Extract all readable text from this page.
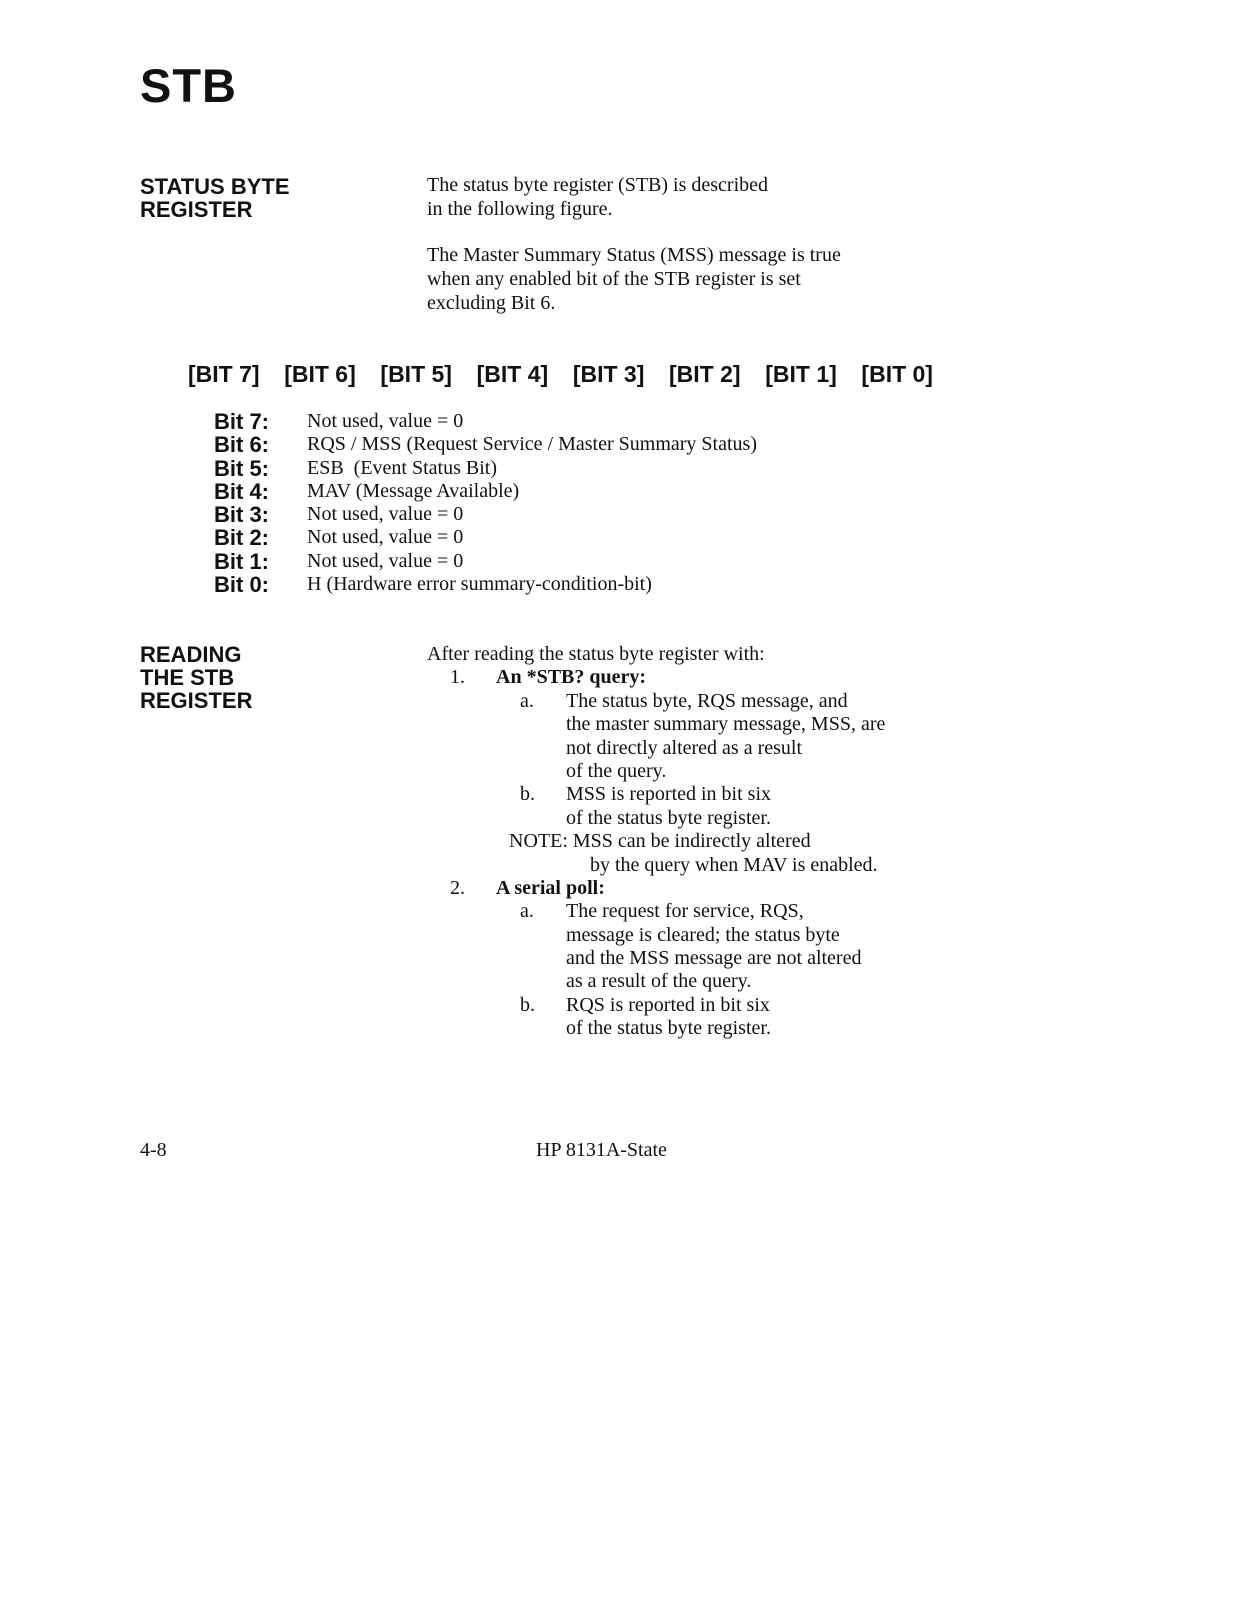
STB
STATUS BYTE
REGISTER
The status byte register (STB) is described
in the following figure.
The Master Summary Status (MSS) message is true
when any enabled bit of the STB register is set
excluding Bit 6.
[BIT 7] [BIT 6] [BIT 5] [BIT 4] [BIT 3] [BIT 2] [BIT 1] [BIT 0]
Bit 7: Not used, value = 0
Bit 6: RQS / MSS (Request Service / Master Summary Status)
Bit 5: ESB  (Event Status Bit)
Bit 4: MAV (Message Available)
Bit 3: Not used, value = 0
Bit 2: Not used, value = 0
Bit 1: Not used, value = 0
Bit 0: H (Hardware error summary-condition-bit)
READING
THE STB
REGISTER
After reading the status byte register with:
1. An *STB? query:
a. The status byte, RQS message, and
the master summary message, MSS, are
not directly altered as a result
of the query.
b. MSS is reported in bit six
of the status byte register.
NOTE: MSS can be indirectly altered
by the query when MAV is enabled.
2. A serial poll:
a. The request for service, RQS,
message is cleared; the status byte
and the MSS message are not altered
as a result of the query.
b. RQS is reported in bit six
of the status byte register.
4-8	HP 8131A-State
